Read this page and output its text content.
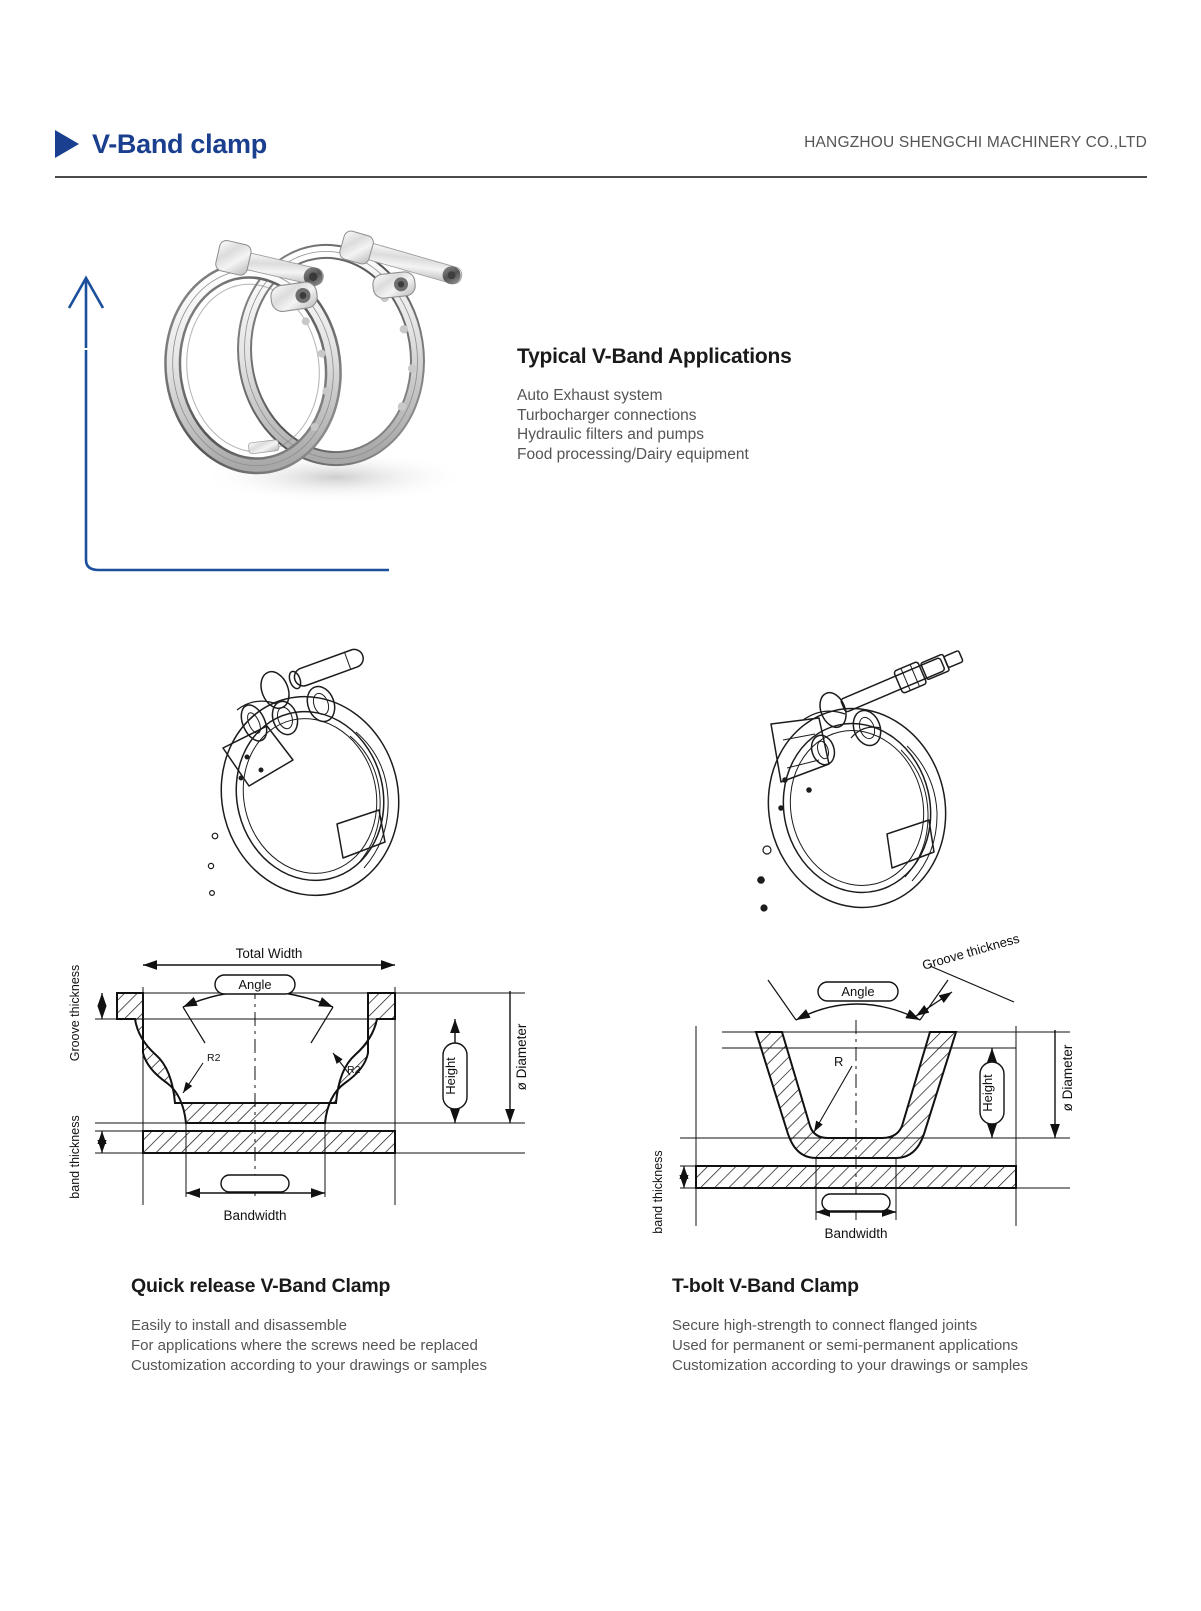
V-Band clamp	HANGZHOU SHENGCHI MACHINERY CO.,LTD
Typical V-Band Applications
Auto Exhaust system
Turbocharger connections
Hydraulic filters and pumps
Food processing/Dairy equipment
Angle
Total Width
Height	ø Diameter
Groove thickness
band thickness
Bandwidth
R2
R2
Angle
Groove thickness
Height	ø Diameter
band thickness	Bandwidth
R
Quick release V-Band Clamp
Easily to install and disassemble
For applications where the screws need be replaced
Customization according to your drawings or samples
T-bolt V-Band Clamp
Secure high-strength to connect flanged joints
Used for permanent or semi-permanent applications
Customization according to your drawings or samples
